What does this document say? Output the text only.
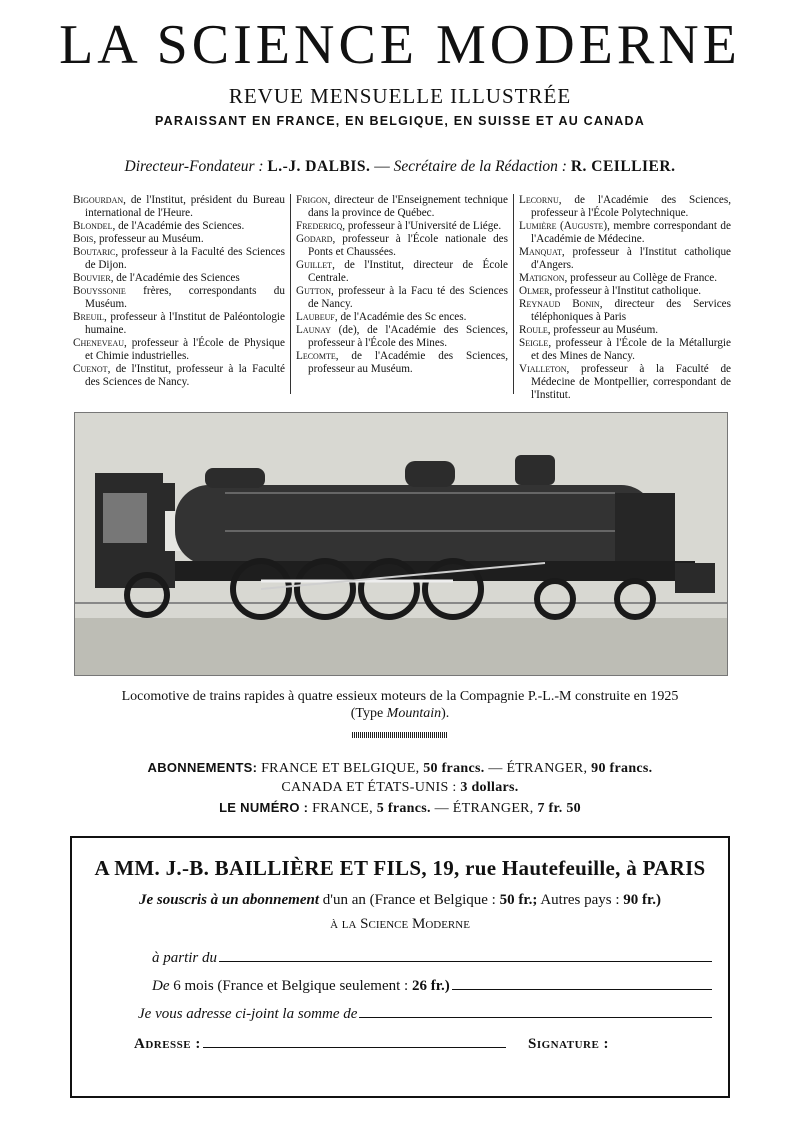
LA SCIENCE MODERNE
REVUE MENSUELLE ILLUSTRÉE
PARAISSANT EN FRANCE, EN BELGIQUE, EN SUISSE ET AU CANADA
Directeur-Fondateur : L.-J. DALBIS. — Secrétaire de la Rédaction : R. CEILLIER.

Bigourdan, de l'Institut, président du Bureau international de l'Heure.

Blondel, de l'Académie des Sciences.

Bois, professeur au Muséum.

Boutaric, professeur à la Faculté des Sciences de Dijon.

Bouvier, de l'Académie des Sciences

Bouyssonie frères, correspondants du Muséum.

Breuil, professeur à l'Institut de Paléontologie humaine.

Cheneveau, professeur à l'École de Physique et Chimie industrielles.

Cuenot, de l'Institut, professeur à la Faculté des Sciences de Nancy.

Frigon, directeur de l'Enseignement technique dans la province de Québec.

Fredericq, professeur à l'Université de Liége.

Godard, professeur à l'École nationale des Ponts et Chaussées.

Guillet, de l'Institut, directeur de École Centrale.

Gutton, professeur à la Facu té des Sciences de Nancy.

Laubeuf, de l'Académie des Sc ences.

Launay (de), de l'Académie des Sciences, professeur à l'École des Mines.

Lecomte, de l'Académie des Sciences, professeur au Muséum.

Lecornu, de l'Académie des Sciences, professeur à l'École Polytechnique.

Lumière (Auguste), membre correspondant de l'Académie de Médecine.

Manquat, professeur à l'Institut catholique d'Angers.

Matignon, professeur au Collège de France.

Olmer, professeur à l'Institut catholique.

Reynaud Bonin, directeur des Services téléphoniques à Paris

Roule, professeur au Muséum.

Seigle, professeur à l'École de la Métallurgie et des Mines de Nancy.

Vialleton, professeur à la Faculté de Médecine de Montpellier, correspondant de l'Institut.

Locomotive de trains rapides à quatre essieux moteurs de la Compagnie P.-L.-M construite en 1925
(Type Mountain).
ABONNEMENTS: FRANCE ET BELGIQUE, 50 francs. — ÉTRANGER, 90 francs.
CANADA ET ÉTATS-UNIS : 3 dollars.
LE NUMÉRO : FRANCE, 5 francs. — ÉTRANGER, 7 fr. 50
A MM. J.-B. BAILLIÈRE ET FILS, 19, rue Hautefeuille, à PARIS
Je souscris à un abonnement d'un an (France et Belgique : 50 fr.; Autres pays : 90 fr.)
à la Science Moderne
à partir du
De
6 mois (France et Belgique seulement :
26 fr.)
Je vous adresse ci-joint la somme de
Adresse :	Signature :
